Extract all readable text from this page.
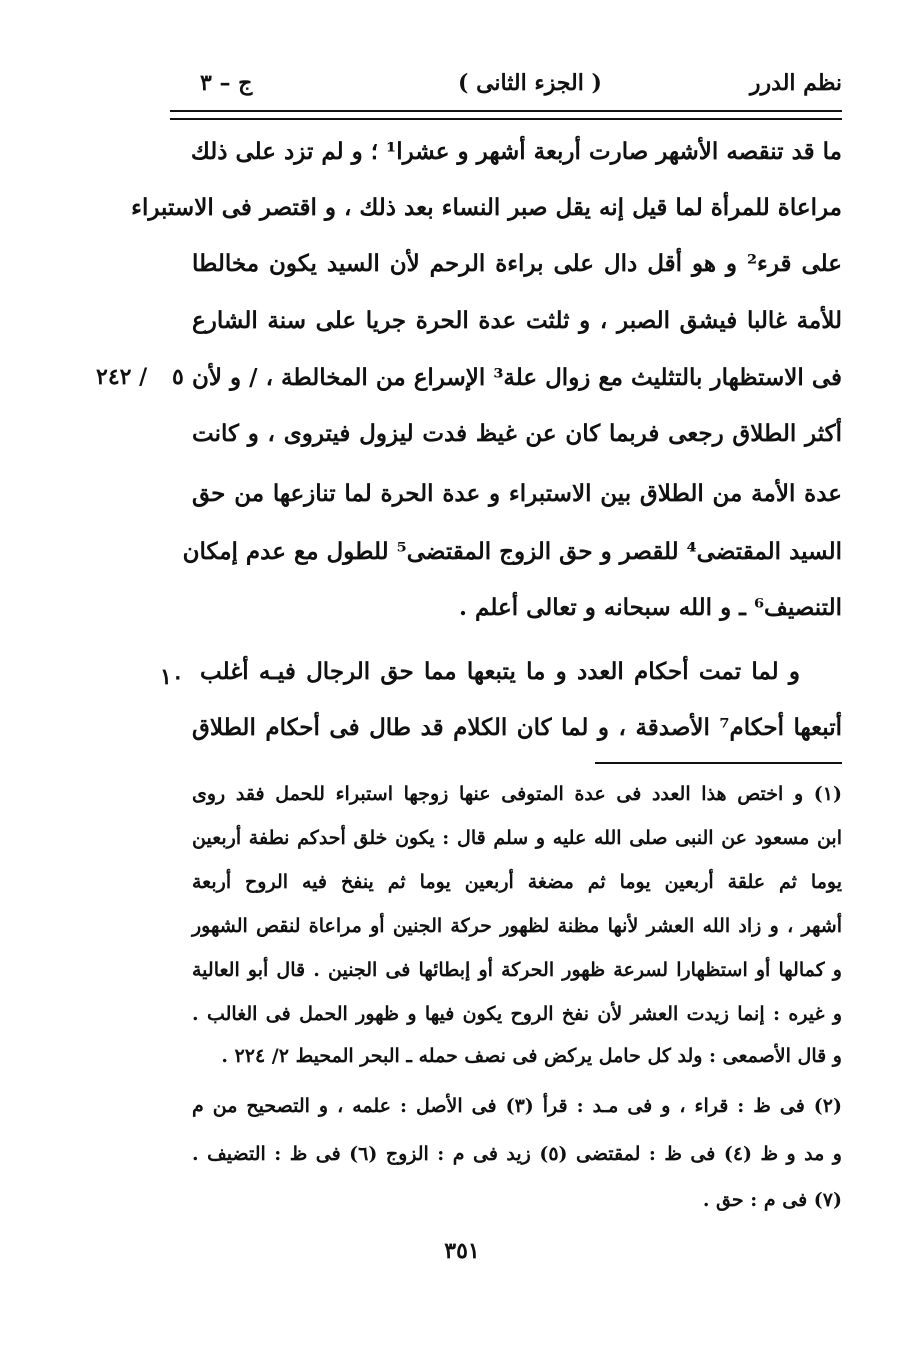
نظم الدرر
( الجزء الثانى )
ج – ٣
ما قد تنقصه الأشهر صارت أربعة أشهر و عشرا¹ ؛ و لم تزد على ذلك
مراعاة للمرأة لما قيل إنه يقل صبر النساء بعد ذلك ، و اقتصر فى الاستبراء
على قرء² و هو أقل دال على براءة الرحم لأن السيد يكون مخالطا
للأمة غالبا فيشق الصبر ، و ثلثت عدة الحرة جريا على سنة الشارع
فى الاستظهار بالتثليث مع زوال علة³ الإسراع من المخالطة ، / و لأن
أكثر الطلاق رجعى فربما كان عن غيظ فدت ليزول فيتروى ، و كانت
عدة الأمة من الطلاق بين الاستبراء و عدة الحرة لما تنازعها من حق
السيد المقتضى⁴ للقصر و حق الزوج المقتضى⁵ للطول مع عدم إمكان
التنصيف⁶ ـ و الله سبحانه و تعالى أعلم .
و لما تمت أحكام العدد و ما يتبعها مما حق الرجال فيـه أغلب
أتبعها أحكام⁷ الأصدقة ، و لما كان الكلام قد طال فى أحكام الطلاق
٥
٢٤٢ /
١٠
(١) و اختص هذا العدد فى عدة المتوفى عنها زوجها استبراء للحمل فقد روى
ابن مسعود عن النبى صلى الله عليه و سلم قال : يكون خلق أحدكم نطفة أربعين
يوما ثم علقة أربعين يوما ثم مضغة أربعين يوما ثم ينفخ فيه الروح أربعة
أشهر ، و زاد الله العشر لأنها مظنة لظهور حركة الجنين أو مراعاة لنقص الشهور
و كمالها أو استظهارا لسرعة ظهور الحركة أو إبطائها فى الجنين . قال أبو العالية
و غيره : إنما زيدت العشر لأن نفخ الروح يكون فيها و ظهور الحمل فى الغالب .
و قال الأصمعى : ولد كل حامل يركض فى نصف حمله ـ البحر المحيط ٢/ ٢٢٤ .
(٢) فى ظ : قراء ، و فى مـد : قرأ (٣) فى الأصل : علمه ، و التصحيح من م
و مد و ظ (٤) فى ظ : لمقتضى (٥) زيد فى م : الزوج (٦) فى ظ : التضيف .
(٧) فى م : حق .
٣٥١
